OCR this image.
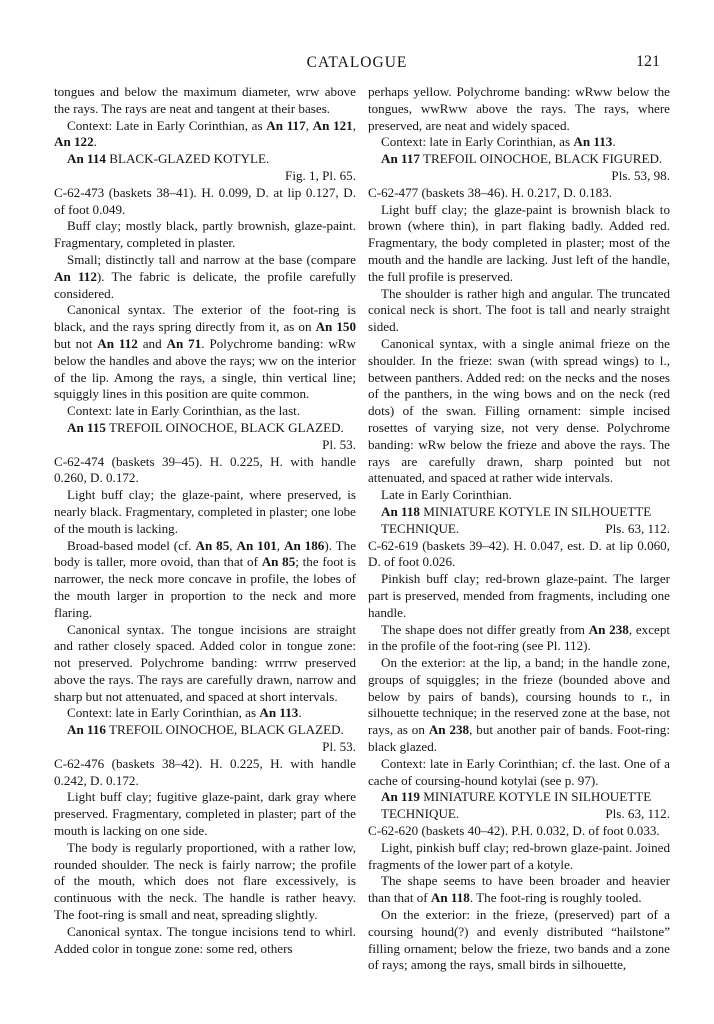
CATALOGUE	121

tongues and below the maximum diameter, wrw above the rays. The rays are neat and tangent at their bases.

Context: Late in Early Corinthian, as An 117, An 121, An 122.

An 114 BLACK-GLAZED KOTYLE.
Fig. 1, Pl. 65.

C-62-473 (baskets 38–41). H. 0.099, D. at lip 0.127, D. of foot 0.049.

Buff clay; mostly black, partly brownish, glaze-paint. Fragmentary, completed in plaster.

Small; distinctly tall and narrow at the base (compare An 112). The fabric is delicate, the profile carefully considered.

Canonical syntax. The exterior of the foot-ring is black, and the rays spring directly from it, as on An 150 but not An 112 and An 71. Polychrome banding: wRw below the handles and above the rays; ww on the interior of the lip. Among the rays, a single, thin vertical line; squiggly lines in this position are quite common.

Context: late in Early Corinthian, as the last.

An 115 TREFOIL OINOCHOE, BLACK GLAZED.
Pl. 53.

C-62-474 (baskets 39–45). H. 0.225, H. with handle 0.260, D. 0.172.

Light buff clay; the glaze-paint, where preserved, is nearly black. Fragmentary, completed in plaster; one lobe of the mouth is lacking.

Broad-based model (cf. An 85, An 101, An 186). The body is taller, more ovoid, than that of An 85; the foot is narrower, the neck more concave in profile, the lobes of the mouth larger in proportion to the neck and more flaring.

Canonical syntax. The tongue incisions are straight and rather closely spaced. Added color in tongue zone: not preserved. Polychrome banding: wrrrw preserved above the rays. The rays are carefully drawn, narrow and sharp but not attenuated, and spaced at short intervals.

Context: late in Early Corinthian, as An 113.

An 116 TREFOIL OINOCHOE, BLACK GLAZED.
Pl. 53.

C-62-476 (baskets 38–42). H. 0.225, H. with handle 0.242, D. 0.172.

Light buff clay; fugitive glaze-paint, dark gray where preserved. Fragmentary, completed in plaster; part of the mouth is lacking on one side.

The body is regularly proportioned, with a rather low, rounded shoulder. The neck is fairly narrow; the profile of the mouth, which does not flare excessively, is continuous with the neck. The handle is rather heavy. The foot-ring is small and neat, spreading slightly.

Canonical syntax. The tongue incisions tend to whirl. Added color in tongue zone: some red, others

perhaps yellow. Polychrome banding: wRww below the tongues, wwRww above the rays. The rays, where preserved, are neat and widely spaced.

Context: late in Early Corinthian, as An 113.

An 117 TREFOIL OINOCHOE, BLACK FIGURED.
Pls. 53, 98.

C-62-477 (baskets 38–46). H. 0.217, D. 0.183.

Light buff clay; the glaze-paint is brownish black to brown (where thin), in part flaking badly. Added red. Fragmentary, the body completed in plaster; most of the mouth and the handle are lacking. Just left of the handle, the full profile is preserved.

The shoulder is rather high and angular. The truncated conical neck is short. The foot is tall and nearly straight sided.

Canonical syntax, with a single animal frieze on the shoulder. In the frieze: swan (with spread wings) to l., between panthers. Added red: on the necks and the noses of the panthers, in the wing bows and on the neck (red dots) of the swan. Filling ornament: simple incised rosettes of varying size, not very dense. Polychrome banding: wRw below the frieze and above the rays. The rays are carefully drawn, sharp pointed but not attenuated, and spaced at rather wide intervals.

Late in Early Corinthian.

An 118 MINIATURE KOTYLE IN SILHOUETTE
TECHNIQUE.	Pls. 63, 112.

C-62-619 (baskets 39–42). H. 0.047, est. D. at lip 0.060, D. of foot 0.026.

Pinkish buff clay; red-brown glaze-paint. The larger part is preserved, mended from fragments, including one handle.

The shape does not differ greatly from An 238, except in the profile of the foot-ring (see Pl. 112).

On the exterior: at the lip, a band; in the handle zone, groups of squiggles; in the frieze (bounded above and below by pairs of bands), coursing hounds to r., in silhouette technique; in the reserved zone at the base, not rays, as on An 238, but another pair of bands. Foot-ring: black glazed.

Context: late in Early Corinthian; cf. the last. One of a cache of coursing-hound kotylai (see p. 97).

An 119 MINIATURE KOTYLE IN SILHOUETTE
TECHNIQUE.	Pls. 63, 112.

C-62-620 (baskets 40–42). P.H. 0.032, D. of foot 0.033.

Light, pinkish buff clay; red-brown glaze-paint. Joined fragments of the lower part of a kotyle.

The shape seems to have been broader and heavier than that of An 118. The foot-ring is roughly tooled.

On the exterior: in the frieze, (preserved) part of a coursing hound(?) and evenly distributed “hailstone” filling ornament; below the frieze, two bands and a zone of rays; among the rays, small birds in silhouette,
